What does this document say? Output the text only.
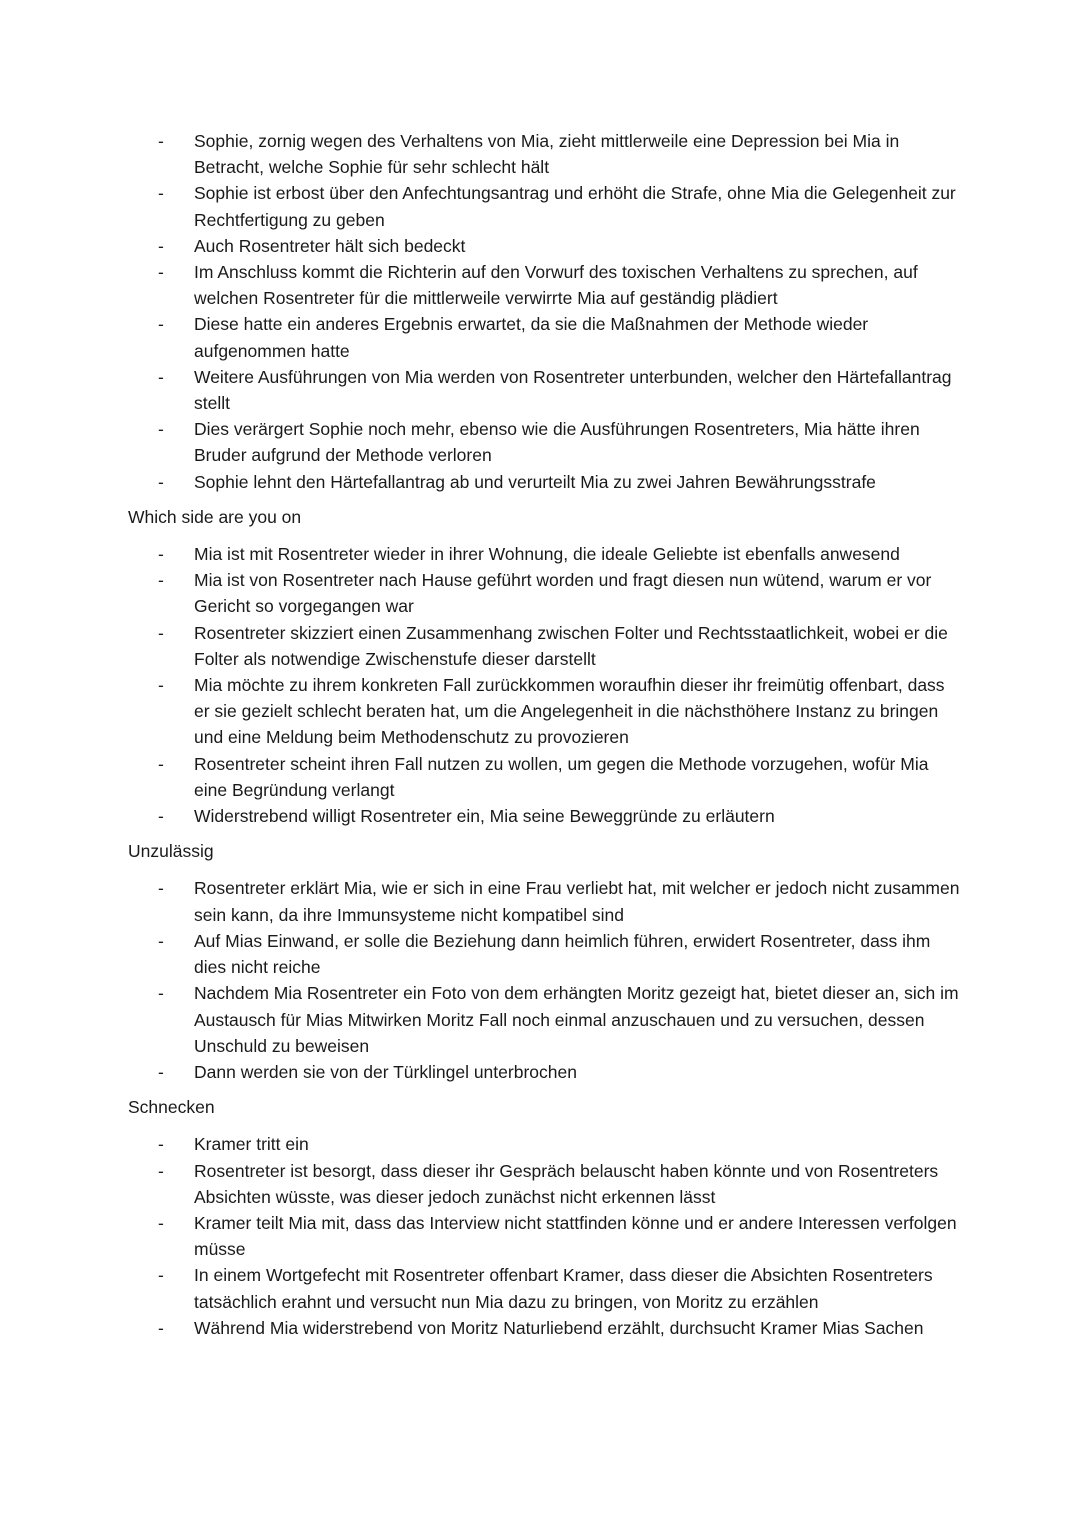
- Sophie, zornig wegen des Verhaltens von Mia, zieht mittlerweile eine Depression bei Mia in Betracht, welche Sophie für sehr schlecht hält
- Sophie ist erbost über den Anfechtungsantrag und erhöht die Strafe, ohne Mia die Gelegenheit zur Rechtfertigung zu geben
- Auch Rosentreter hält sich bedeckt
- Im Anschluss kommt die Richterin auf den Vorwurf des toxischen Verhaltens zu sprechen, auf welchen Rosentreter für die mittlerweile verwirrte Mia auf geständig plädiert
- Diese hatte ein anderes Ergebnis erwartet, da sie die Maßnahmen der Methode wieder aufgenommen hatte
- Weitere Ausführungen von Mia werden von Rosentreter unterbunden, welcher den Härtefallantrag stellt
- Dies verärgert Sophie noch mehr, ebenso wie die Ausführungen Rosentreters, Mia hätte ihren Bruder aufgrund der Methode verloren
- Sophie lehnt den Härtefallantrag ab und verurteilt Mia zu zwei Jahren Bewährungsstrafe
Which side are you on
- Mia ist mit Rosentreter wieder in ihrer Wohnung, die ideale Geliebte ist ebenfalls anwesend
- Mia ist von Rosentreter nach Hause geführt worden und fragt diesen nun wütend, warum er vor Gericht so vorgegangen war
- Rosentreter skizziert einen Zusammenhang zwischen Folter und Rechtsstaatlichkeit, wobei er die Folter als notwendige Zwischenstufe dieser darstellt
- Mia möchte zu ihrem konkreten Fall zurückkommen woraufhin dieser ihr freimütig offenbart, dass er sie gezielt schlecht beraten hat, um die Angelegenheit in die nächsthöhere Instanz zu bringen und eine Meldung beim Methodenschutz zu provozieren
- Rosentreter scheint ihren Fall nutzen zu wollen, um gegen die Methode vorzugehen, wofür Mia eine Begründung verlangt
- Widerstrebend willigt Rosentreter ein, Mia seine Beweggründe zu erläutern
Unzulässig
- Rosentreter erklärt Mia, wie er sich in eine Frau verliebt hat, mit welcher er jedoch nicht zusammen sein kann, da ihre Immunsysteme nicht kompatibel sind
- Auf Mias Einwand, er solle die Beziehung dann heimlich führen, erwidert Rosentreter, dass ihm dies nicht reiche
- Nachdem Mia Rosentreter ein Foto von dem erhängten Moritz gezeigt hat, bietet dieser an, sich im Austausch für Mias Mitwirken Moritz Fall noch einmal anzuschauen und zu versuchen, dessen Unschuld zu beweisen
- Dann werden sie von der Türklingel unterbrochen
Schnecken
- Kramer tritt ein
- Rosentreter ist besorgt, dass dieser ihr Gespräch belauscht haben könnte und von Rosentreters Absichten wüsste, was dieser jedoch zunächst nicht erkennen lässt
- Kramer teilt Mia mit, dass das Interview nicht stattfinden könne und er andere Interessen verfolgen müsse
- In einem Wortgefecht mit Rosentreter offenbart Kramer, dass dieser die Absichten Rosentreters tatsächlich erahnt und versucht nun Mia dazu zu bringen, von Moritz zu erzählen
- Während Mia widerstrebend von Moritz Naturliebend erzählt, durchsucht Kramer Mias Sachen
